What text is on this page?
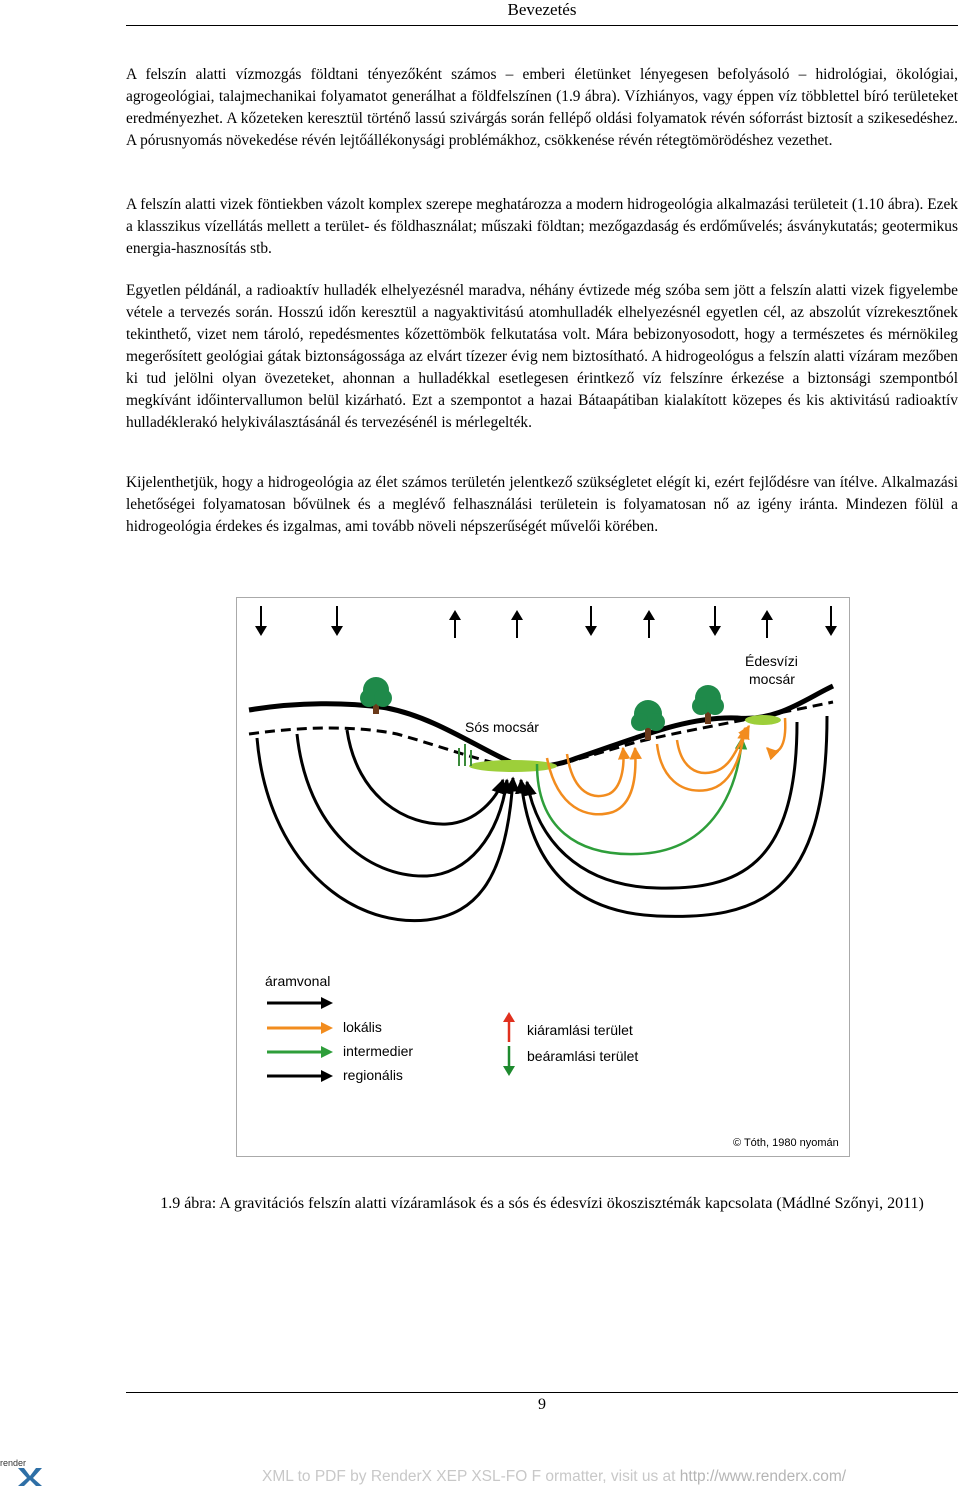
Bevezetés

A felszín alatti vízmozgás földtani tényezőként számos – emberi életünket lényegesen befolyásoló – hidrológiai, ökológiai, agrogeológiai, talajmechanikai folyamatot generálhat a földfelszínen (1.9 ábra). Vízhiányos, vagy éppen víz többlettel bíró területeket eredményezhet. A kőzeteken keresztül történő lassú szivárgás során fellépő oldási folyamatok révén sóforrást biztosít a szikesedéshez. A pórusnyomás növekedése révén lejtőállékonysági problémákhoz, csökkenése révén rétegtömörödéshez vezethet.

A felszín alatti vizek föntiekben vázolt komplex szerepe meghatározza a modern hidrogeológia alkalmazási területeit (1.10 ábra). Ezek a klasszikus vízellátás mellett a terület- és földhasználat; műszaki földtan; mezőgazdaság és erdőművelés; ásványkutatás; geotermikus energia-hasznosítás stb.

Egyetlen példánál, a radioaktív hulladék elhelyezésnél maradva, néhány évtizede még szóba sem jött a felszín alatti vizek figyelembe vétele a tervezés során. Hosszú időn keresztül a nagyaktivitású atomhulladék elhelyezésnél egyetlen cél, az abszolút vízrekesztőnek tekinthető, vizet nem tároló, repedésmentes kőzettömbök felkutatása volt. Mára bebizonyosodott, hogy a természetes és mérnökileg megerősített geológiai gátak biztonságossága az elvárt tízezer évig nem biztosítható. A hidrogeológus a felszín alatti vízáram mezőben ki tud jelölni olyan övezeteket, ahonnan a hulladékkal esetlegesen érintkező víz felszínre érkezése a biztonsági szempontból megkívánt időintervallumon belül kizárható. Ezt a szempontot a hazai Bátaapátiban kialakított közepes és kis aktivitású radioaktív hulladéklerakó helykiválasztásánál és tervezésénél is mérlegelték.

Kijelenthetjük, hogy a hidrogeológia az élet számos területén jelentkező szükségletet elégít ki, ezért fejlődésre van ítélve. Alkalmazási lehetőségei folyamatosan bővülnek és a meglévő felhasználási területein is folyamatosan nő az igény iránta. Mindezen fölül a hidrogeológia érdekes és izgalmas, ami tovább növeli népszerűségét művelői körében.

Sós mocsár
Édesvízi
mocsár
áramvonal
lokális
intermedier
regionális
kiáramlási terület
beáramlási terület
© Tóth, 1980 nyomán

1.9 ábra: A gravitációs felszín alatti vízáramlások és a sós és édesvízi ökoszisztémák kapcsolata (Mádlné Szőnyi, 2011)

9
render
XML to PDF by RenderX XEP XSL-FO F ormatter, visit us at http://www.renderx.com/
